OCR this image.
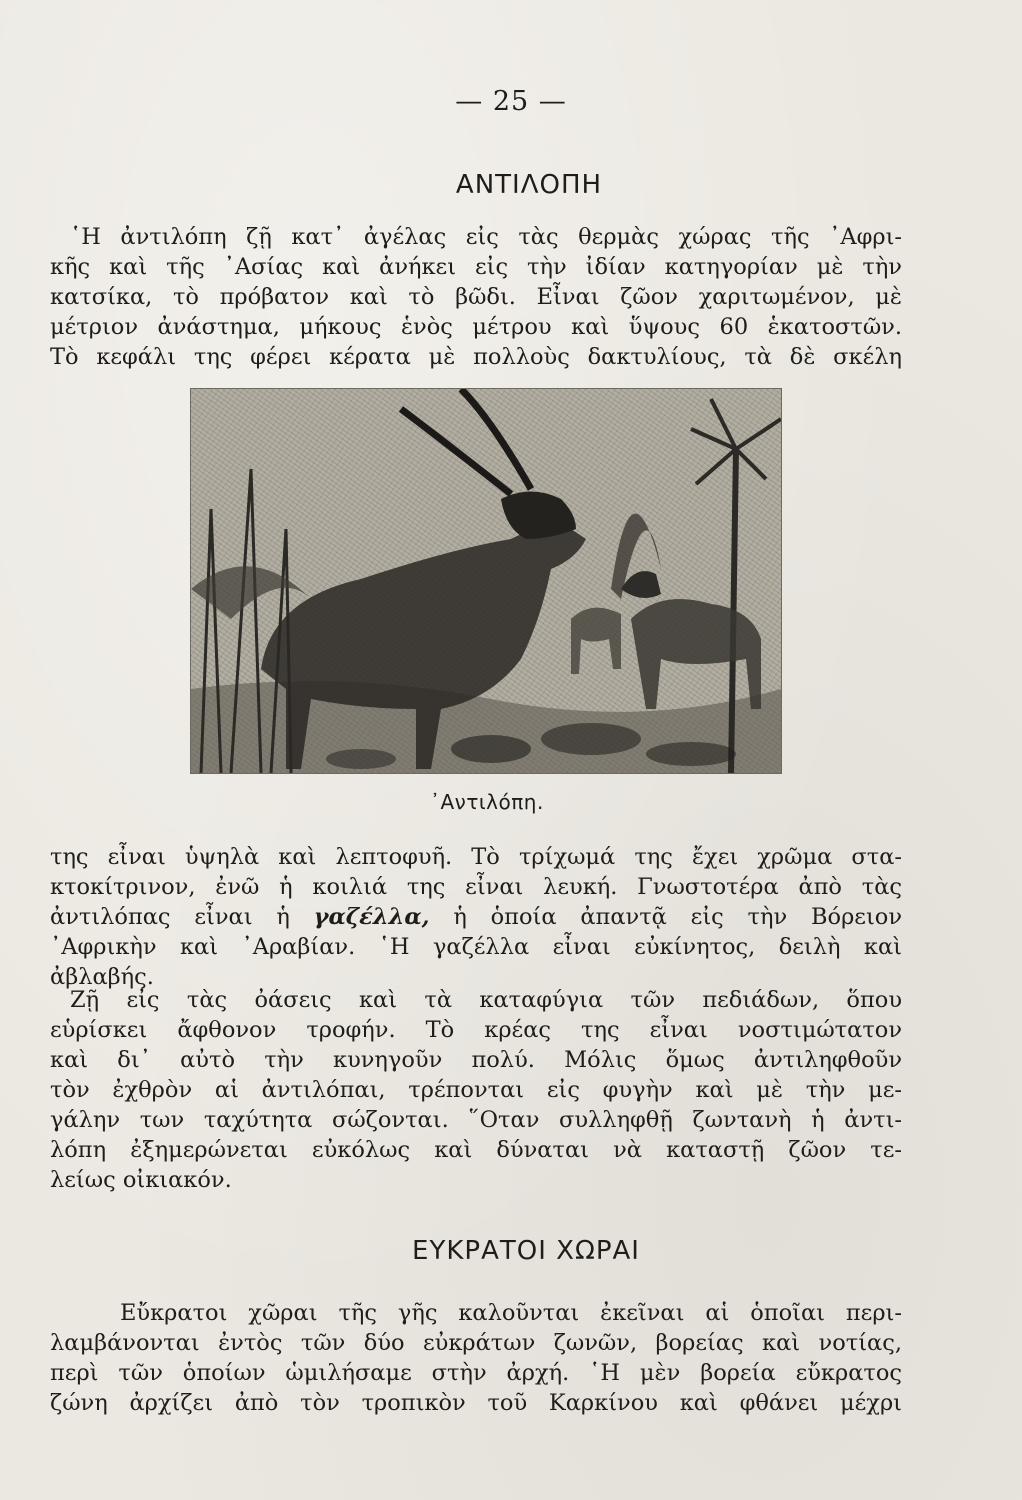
— 25 —
ΑΝΤΙΛΟΠΗ
῾Η ἀντιλόπη ζῇ κατ᾽ ἀγέλας εἰς τὰς θερμὰς χώρας τῆς ᾽Αφρι-
κῆς καὶ τῆς ᾽Ασίας καὶ ἀνήκει εἰς τὴν ἰδίαν κατηγορίαν μὲ τὴν
κατσίκα, τὸ πρόβατον καὶ τὸ βῶδι. Εἶναι ζῶον χαριτωμένον, μὲ
μέτριον ἀνάστημα, μήκους ἑνὸς μέτρου καὶ ὕψους 60 ἑκατοστῶν.
Τὸ κεφάλι της φέρει κέρατα μὲ πολλοὺς δακτυλίους, τὰ δὲ σκέλη
᾽Αντιλόπη.
της εἶναι ὑψηλὰ καὶ λεπτοφυῆ. Τὸ τρίχωμά της ἔχει χρῶμα στα-
κτοκίτρινον, ἐνῶ ἡ κοιλιά της εἶναι λευκή. Γνωστοτέρα ἀπὸ τὰς
ἀντιλόπας εἶναι ἡ γαζέλλα, ἡ ὁποία ἀπαντᾷ εἰς τὴν Βόρειον
᾽Αφρικὴν καὶ ᾽Αραβίαν. ῾Η γαζέλλα εἶναι εὐκίνητος, δειλὴ καὶ
ἀβλαβής.
Ζῇ εἰς τὰς ὀάσεις καὶ τὰ καταφύγια τῶν πεδιάδων, ὅπου
εὑρίσκει ἄφθονον τροφήν. Τὸ κρέας της εἶναι νοστιμώτατον
καὶ δι᾽ αὐτὸ τὴν κυνηγοῦν πολύ. Μόλις ὅμως ἀντιληφθοῦν
τὸν ἐχθρὸν αἱ ἀντιλόπαι, τρέπονται εἰς φυγὴν καὶ μὲ τὴν με-
γάλην των ταχύτητα σώζονται. ῞Οταν συλληφθῇ ζωντανὴ ἡ ἀντι-
λόπη ἐξημερώνεται εὐκόλως καὶ δύναται νὰ καταστῇ ζῶον τε-
λείως οἰκιακόν.
ΕΥΚΡΑΤΟΙ ΧΩΡΑΙ
Εὔκρατοι χῶραι τῆς γῆς καλοῦνται ἐκεῖναι αἱ ὁποῖαι περι-
λαμβάνονται ἐντὸς τῶν δύο εὐκράτων ζωνῶν, βορείας καὶ νοτίας,
περὶ τῶν ὁποίων ὡμιλήσαμε στὴν ἀρχή. ῾Η μὲν βορεία εὔκρατος
ζώνη ἀρχίζει ἀπὸ τὸν τροπικὸν τοῦ Καρκίνου καὶ φθάνει μέχρι
